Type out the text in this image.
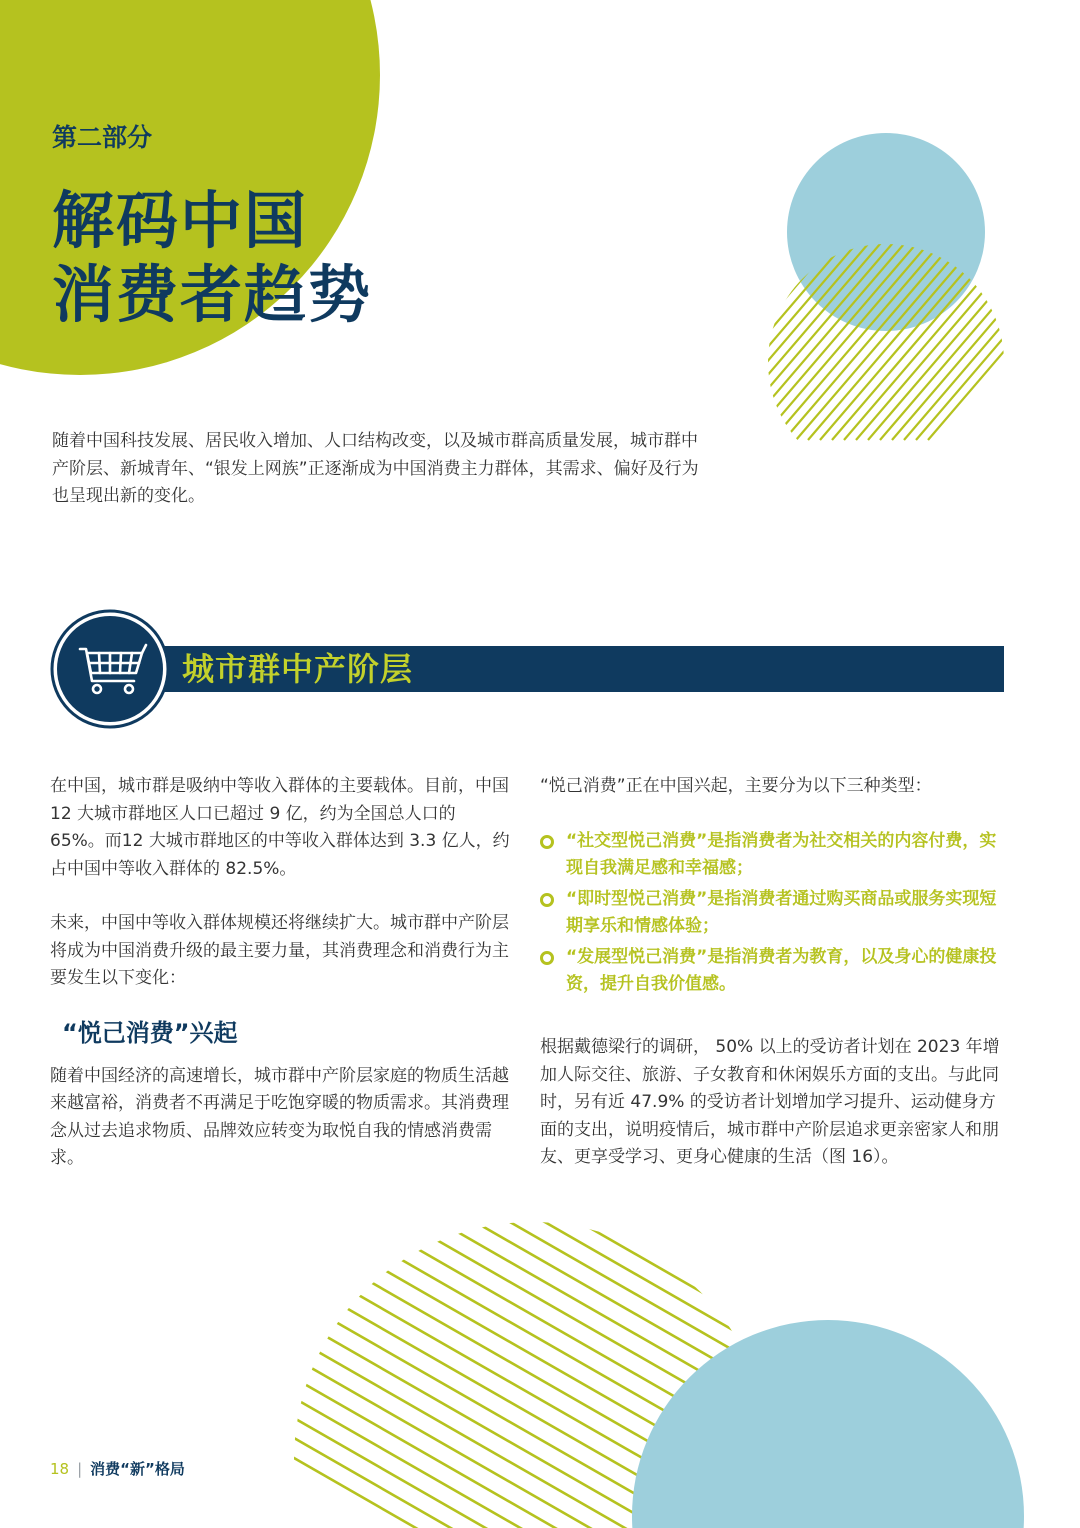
第二部分
解码中国
消费者趋势

随着中国科技发展、居民收入增加、人口结构改变，以及城市群高质量发展，城市群中产阶层、新城青年、“银发上网族”正逐渐成为中国消费主力群体，其需求、偏好及行为也呈现出新的变化。

城市群中产阶层

在中国，城市群是吸纳中等收入群体的主要载体。目前，中国 12 大城市群地区人口已超过 9 亿，约为全国总人口的 65%。而12 大城市群地区的中等收入群体达到 3.3 亿人，约占中国中等收入群体的 82.5%。

未来，中国中等收入群体规模还将继续扩大。城市群中产阶层将成为中国消费升级的最主要力量，其消费理念和消费行为主要发生以下变化：

“悦己消费”兴起

随着中国经济的高速增长，城市群中产阶层家庭的物质生活越来越富裕，消费者不再满足于吃饱穿暖的物质需求。其消费理念从过去追求物质、品牌效应转变为取悦自我的情感消费需求。

“悦己消费”正在中国兴起，主要分为以下三种类型：
“社交型悦己消费”是指消费者为社交相关的内容付费，实现自我满足感和幸福感；
“即时型悦己消费”是指消费者通过购买商品或服务实现短期享乐和情感体验；
“发展型悦己消费”是指消费者为教育，以及身心的健康投资，提升自我价值感。

根据戴德梁行的调研， 50% 以上的受访者计划在 2023 年增加人际交往、旅游、子女教育和休闲娱乐方面的支出。与此同时，另有近 47.9% 的受访者计划增加学习提升、运动健身方面的支出，说明疫情后，城市群中产阶层追求更亲密家人和朋友、更享受学习、更身心健康的生活（图 16）。

18 | 消费“新”格局
